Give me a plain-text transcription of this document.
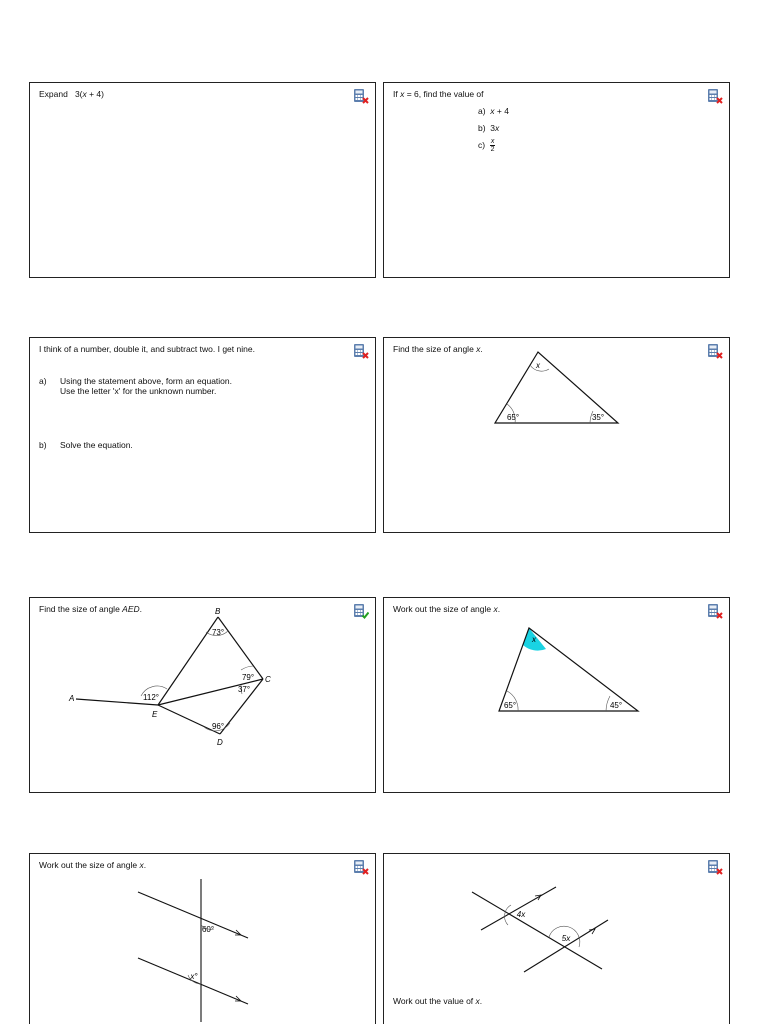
Expand 3(x + 4)	If x = 6, find the value of
a) x + 4
b) 3x
$c) \frac{x}{2}$
I think of a number, double it, and subtract two. I get nine.
a) Using the statement above, form an equation.
Use the letter 'x' for the unknown number.
b) Solve the equation.
Find the size of angle x.
x
65°	35°
Find the size of angle AED.
73°
79°
37°
112°
96°
A
B
C
D
E
Work out the size of angle x.
x
65°	45°
Work out the size of angle x.
60°
x°
4x
5x
Work out the value of x.
